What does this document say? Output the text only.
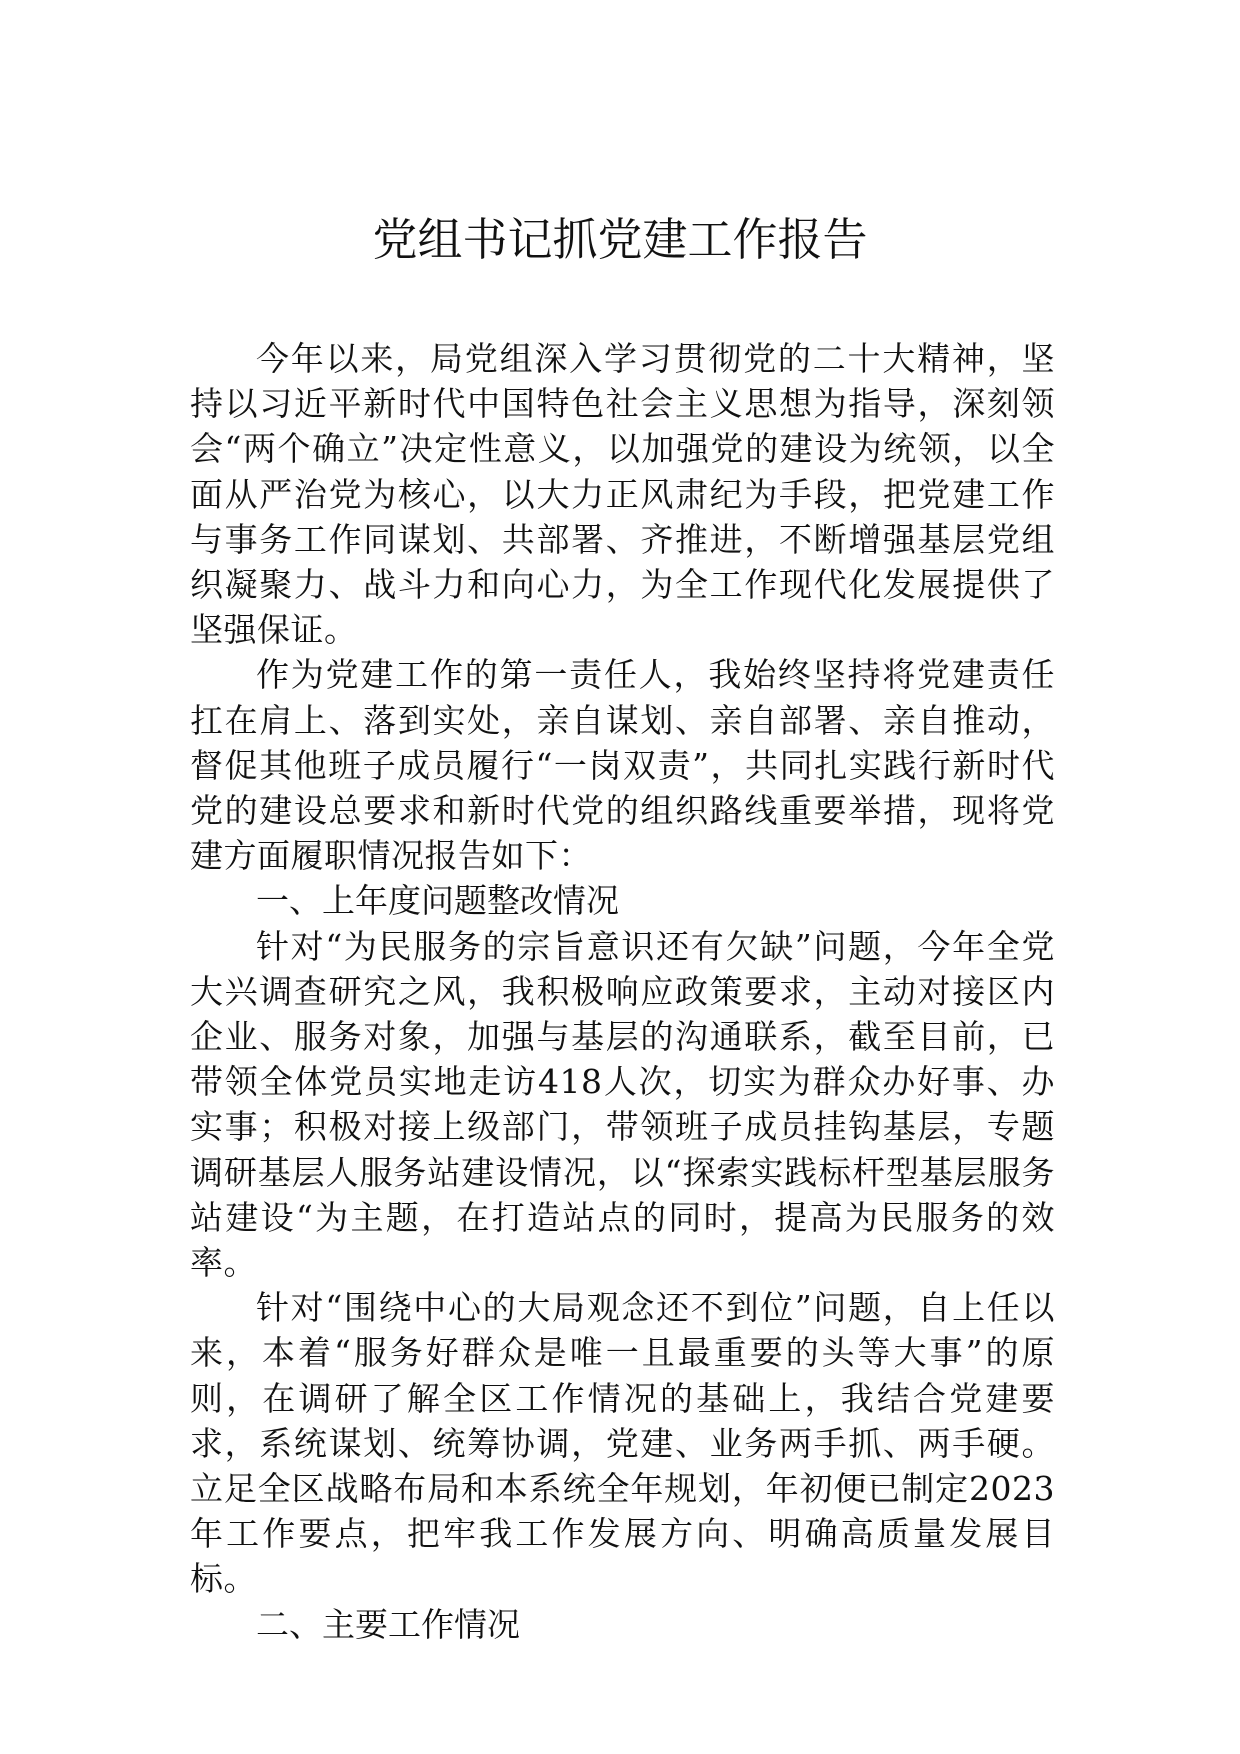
党组书记抓党建工作报告

今年以来，局党组深入学习贯彻党的二十大精神，坚持以习近平新时代中国特色社会主义思想为指导，深刻领会“两个确立”决定性意义，以加强党的建设为统领，以全面从严治党为核心，以大力正风肃纪为手段，把党建工作与事务工作同谋划、共部署、齐推进，不断增强基层党组织凝聚力、战斗力和向心力，为全工作现代化发展提供了坚强保证。

作为党建工作的第一责任人，我始终坚持将党建责任扛在肩上、落到实处，亲自谋划、亲自部署、亲自推动，督促其他班子成员履行“一岗双责”，共同扎实践行新时代党的建设总要求和新时代党的组织路线重要举措，现将党建方面履职情况报告如下：

一、上年度问题整改情况

针对“为民服务的宗旨意识还有欠缺”问题，今年全党大兴调查研究之风，我积极响应政策要求，主动对接区内企业、服务对象，加强与基层的沟通联系，截至目前，已带领全体党员实地走访418人次，切实为群众办好事、办实事；积极对接上级部门，带领班子成员挂钩基层，专题调研基层人服务站建设情况，以“探索实践标杆型基层服务站建设“为主题，在打造站点的同时，提高为民服务的效率。

针对“围绕中心的大局观念还不到位”问题，自上任以来，本着“服务好群众是唯一且最重要的头等大事”的原则，在调研了解全区工作情况的基础上，我结合党建要求，系统谋划、统筹协调，党建、业务两手抓、两手硬。立足全区战略布局和本系统全年规划，年初便已制定2023年工作要点，把牢我工作发展方向、明确高质量发展目标。

二、主要工作情况
